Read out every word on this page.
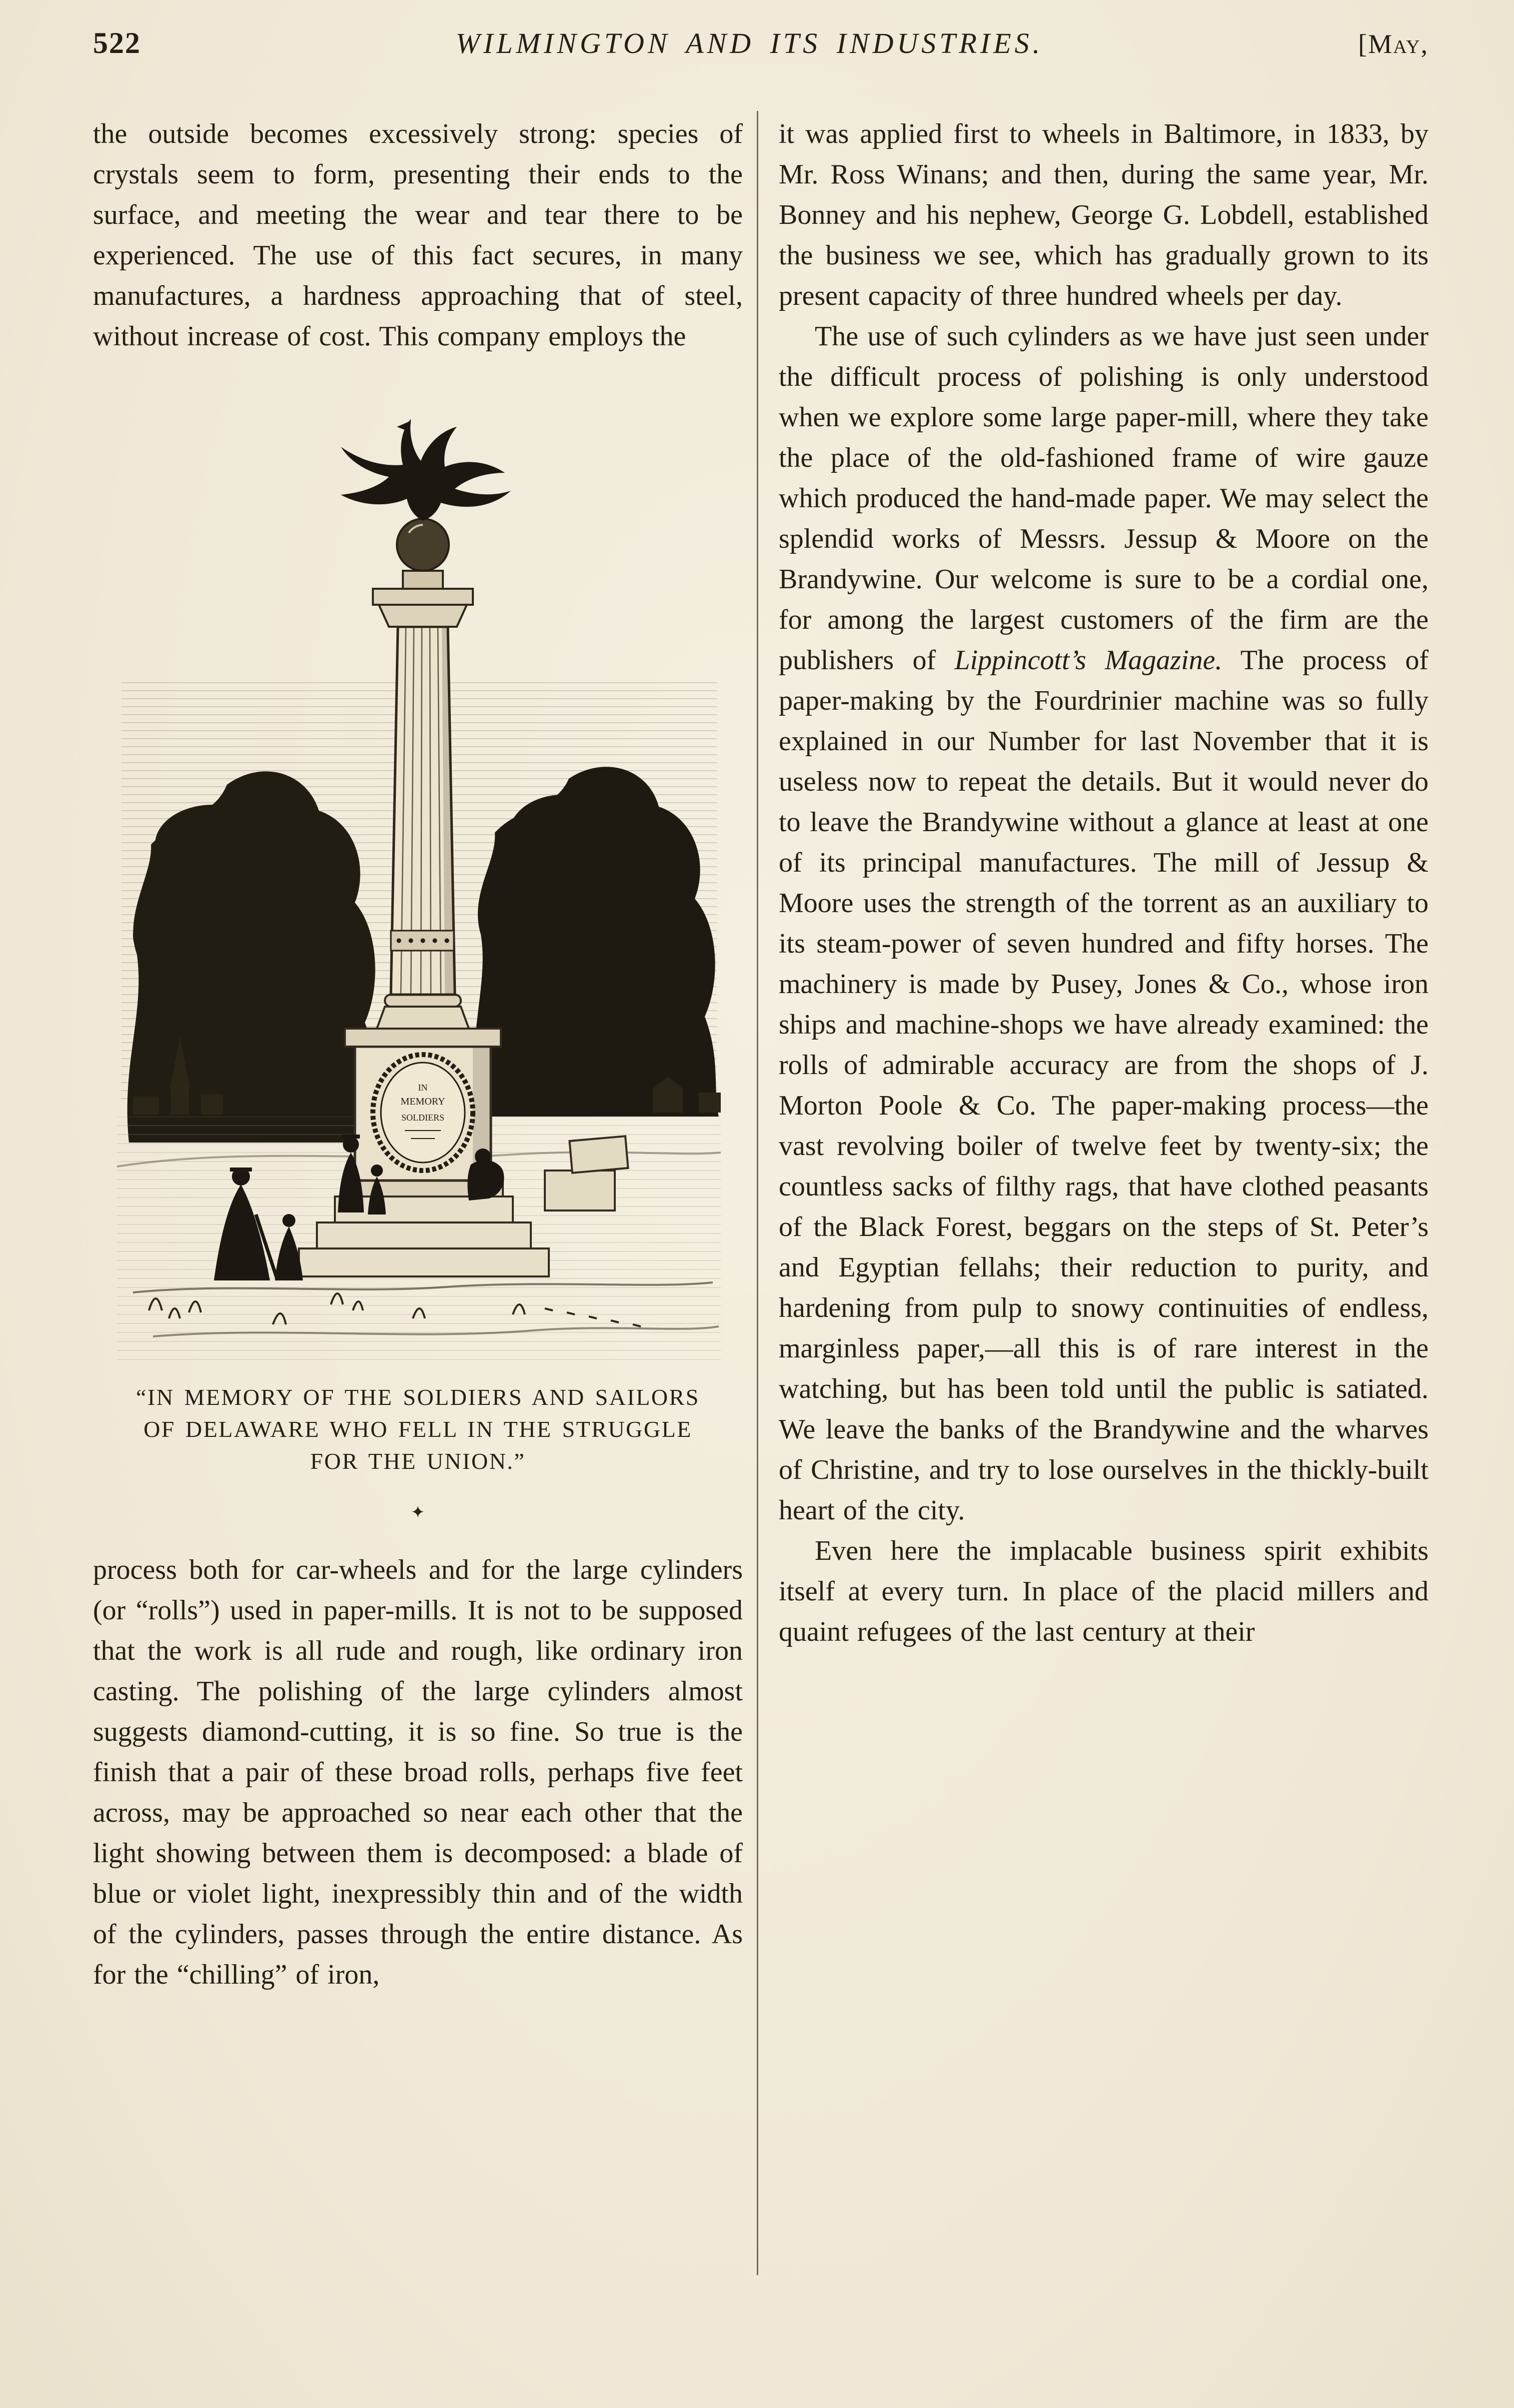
522	WILMINGTON AND ITS INDUSTRIES.	[May,

the outside becomes excessively strong: species of crystals seem to form, presenting their ends to the surface, and meeting the wear and tear there to be experienced. The use of this fact secures, in many manufactures, a hardness approaching that of steel, without increase of cost. This company employs the

IN
MEMORY
SOLDIERS
“IN MEMORY OF THE SOLDIERS AND SAILORS OF DELAWARE WHO FELL IN THE STRUGGLE FOR THE UNION.”
✦

process both for car-wheels and for the large cylinders (or “rolls”) used in paper-mills. It is not to be supposed that the work is all rude and rough, like ordinary iron casting. The polishing of the large cylinders almost suggests diamond-cutting, it is so fine. So true is the finish that a pair of these broad rolls, perhaps five feet across, may be approached so near each other that the light showing between them is decomposed: a blade of blue or violet light, inexpressibly thin and of the width of the cylinders, passes through the entire distance. As for the “chilling” of iron,

it was applied first to wheels in Baltimore, in 1833, by Mr. Ross Winans; and then, during the same year, Mr. Bonney and his nephew, George G. Lobdell, established the business we see, which has gradually grown to its present capacity of three hundred wheels per day.

The use of such cylinders as we have just seen under the difficult process of polishing is only understood when we explore some large paper-mill, where they take the place of the old-fashioned frame of wire gauze which produced the hand-made paper. We may select the splendid works of Messrs. Jessup & Moore on the Brandywine. Our welcome is sure to be a cordial one, for among the largest customers of the firm are the publishers of Lippincott’s Magazine. The process of paper-making by the Fourdrinier machine was so fully explained in our Number for last November that it is useless now to repeat the details. But it would never do to leave the Brandywine without a glance at least at one of its principal manufactures. The mill of Jessup & Moore uses the strength of the torrent as an auxiliary to its steam-power of seven hundred and fifty horses. The machinery is made by Pusey, Jones & Co., whose iron ships and machine-shops we have already examined: the rolls of admirable accuracy are from the shops of J. Morton Poole & Co. The paper-making process—the vast revolving boiler of twelve feet by twenty-six; the countless sacks of filthy rags, that have clothed peasants of the Black Forest, beggars on the steps of St. Peter’s and Egyptian fellahs; their reduction to purity, and hardening from pulp to snowy continuities of endless, marginless paper,—all this is of rare interest in the watching, but has been told until the public is satiated. We leave the banks of the Brandywine and the wharves of Christine, and try to lose ourselves in the thickly-built heart of the city.

Even here the implacable business spirit exhibits itself at every turn. In place of the placid millers and quaint refugees of the last century at their
